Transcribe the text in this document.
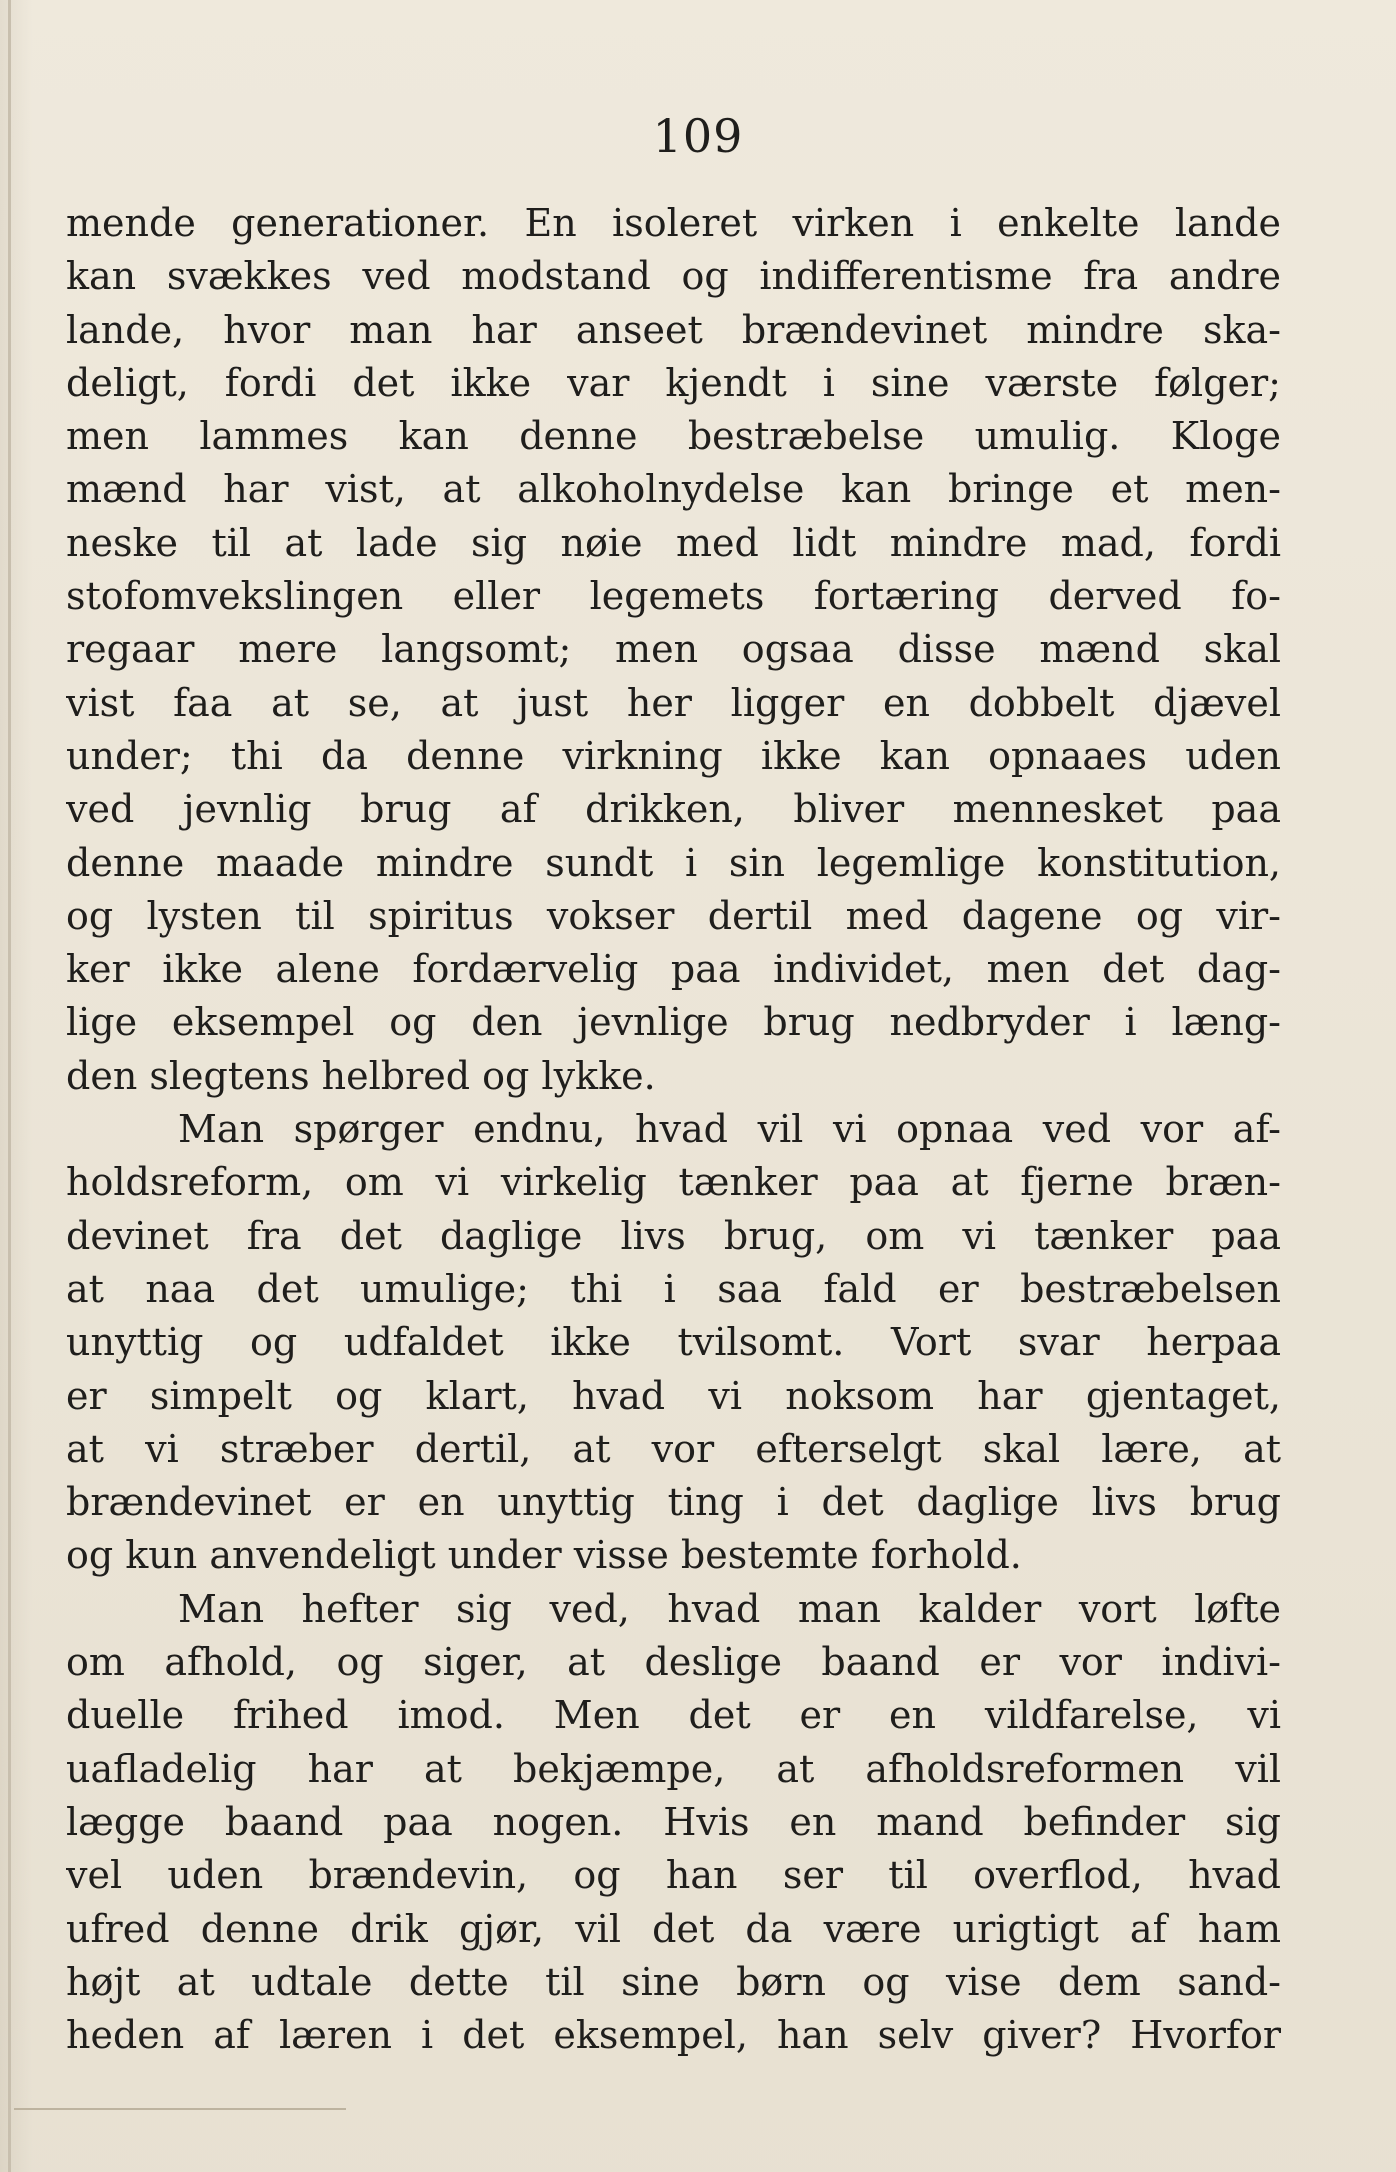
109
mende generationer. En isoleret virken i enkelte lande
kan svækkes ved modstand og indifferentisme fra andre
lande, hvor man har anseet brændevinet mindre ska-
deligt, fordi det ikke var kjendt i sine værste følger;
men lammes kan denne bestræbelse umulig. Kloge
mænd har vist, at alkoholnydelse kan bringe et men-
neske til at lade sig nøie med lidt mindre mad, fordi
stofomvekslingen eller legemets fortæring derved fo-
regaar mere langsomt; men ogsaa disse mænd skal
vist faa at se, at just her ligger en dobbelt djævel
under; thi da denne virkning ikke kan opnaaes uden
ved jevnlig brug af drikken, bliver mennesket paa
denne maade mindre sundt i sin legemlige konstitution,
og lysten til spiritus vokser dertil med dagene og vir-
ker ikke alene fordærvelig paa individet, men det dag-
lige eksempel og den jevnlige brug nedbryder i læng-
den slegtens helbred og lykke.
Man spørger endnu, hvad vil vi opnaa ved vor af-
holdsreform, om vi virkelig tænker paa at fjerne bræn-
devinet fra det daglige livs brug, om vi tænker paa
at naa det umulige; thi i saa fald er bestræbelsen
unyttig og udfaldet ikke tvilsomt. Vort svar herpaa
er simpelt og klart, hvad vi noksom har gjentaget,
at vi stræber dertil, at vor efterselgt skal lære, at
brændevinet er en unyttig ting i det daglige livs brug
og kun anvendeligt under visse bestemte forhold.
Man hefter sig ved, hvad man kalder vort løfte
om afhold, og siger, at deslige baand er vor indivi-
duelle frihed imod. Men det er en vildfarelse, vi
uafladelig har at bekjæmpe, at afholdsreformen vil
lægge baand paa nogen. Hvis en mand befinder sig
vel uden brændevin, og han ser til overflod, hvad
ufred denne drik gjør, vil det da være urigtigt af ham
højt at udtale dette til sine børn og vise dem sand-
heden af læren i det eksempel, han selv giver? Hvorfor
